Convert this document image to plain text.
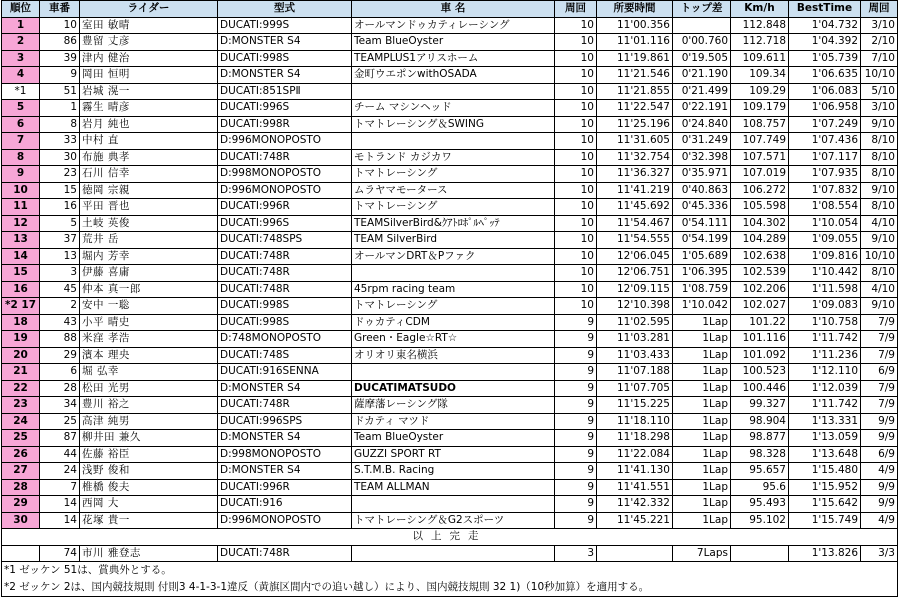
順位	車番	ライダー	型式	車 名	周回	所要時間	トップ差	Km/h	BestTime	周回
1	10	室田 敏晴	DUCATI:999S	オールマンドゥカティレーシング	10	11'00.356		112.848	1'04.732	3/10
2	86	豊留 丈彦	D:MONSTER S4	Team BlueOyster	10	11'01.116	0'00.760	112.718	1'04.392	2/10
3	39	津内 健治	DUCATI:998S	TEAMPLUS1アリスホーム	10	11'19.861	0'19.505	109.611	1'05.739	7/10
4	9	岡田 恒明	D:MONSTER S4	金町ウエポンwithOSADA	10	11'21.546	0'21.190	109.34	1'06.635	10/10
*1	51	岩城 滉一	DUCATI:851SPⅡ		10	11'21.855	0'21.499	109.29	1'06.083	5/10
5	1	霧生 晴彦	DUCATI:996S	チーム マシンヘッド	10	11'22.547	0'22.191	109.179	1'06.958	3/10
6	8	岩月 純也	DUCATI:998R	トマトレーシング＆SWING	10	11'25.196	0'24.840	108.757	1'07.249	9/10
7	33	中村 直	D:996MONOPOSTO		10	11'31.605	0'31.249	107.749	1'07.436	8/10
8	30	布施 典孝	DUCATI:748R	モトランド カジカワ	10	11'32.754	0'32.398	107.571	1'07.117	8/10
9	23	石川 信幸	D:998MONOPOSTO	トマトレーシング	10	11'36.327	0'35.971	107.019	1'07.935	8/10
10	15	徳岡 宗親	D:996MONOPOSTO	ムラヤマモータース	10	11'41.219	0'40.863	106.272	1'07.832	9/10
11	16	平田 晋也	DUCATI:996R	トマトレーシング	10	11'45.692	0'45.336	105.598	1'08.554	8/10
12	5	土岐 英俊	DUCATI:996S	TEAMSilverBird&ｸｱﾄﾛﾎﾟﾙﾍﾟｯﾃ	10	11'54.467	0'54.111	104.302	1'10.054	4/10
13	37	荒井 岳	DUCATI:748SPS	TEAM SilverBird	10	11'54.555	0'54.199	104.289	1'09.055	9/10
14	13	堀内 芳幸	DUCATI:748R	オールマンDRT＆Pファク	10	12'06.045	1'05.689	102.638	1'09.816	10/10
15	3	伊藤 喜庸	DUCATI:748R		10	12'06.751	1'06.395	102.539	1'10.442	8/10
16	45	仲本 真一郎	DUCATI:748R	45rpm racing team	10	12'09.115	1'08.759	102.206	1'11.598	4/10
*2 17	2	安中 一聡	DUCATI:998S	トマトレーシング	10	12'10.398	1'10.042	102.027	1'09.083	9/10
18	43	小平 晴史	DUCATI:998S	ドゥカティCDM	9	11'02.595	1Lap	101.22	1'10.758	7/9
19	88	米窪 孝浩	D:748MONOPOSTO	Green・Eagle☆RT☆	9	11'03.281	1Lap	101.116	1'11.742	7/9
20	29	濱本 理央	DUCATI:748S	オリオリ東名横浜	9	11'03.433	1Lap	101.092	1'11.236	7/9
21	6	堀 弘幸	DUCATI:916SENNA		9	11'07.188	1Lap	100.523	1'12.110	6/9
22	28	松田 光男	D:MONSTER S4	DUCATIMATSUDO	9	11'07.705	1Lap	100.446	1'12.039	7/9
23	34	豊川 裕之	DUCATI:748R	薩摩藩レーシング隊	9	11'15.225	1Lap	99.327	1'11.742	7/9
24	25	高津 純男	DUCATI:996SPS	ドカティ マツド	9	11'18.110	1Lap	98.904	1'13.331	9/9
25	87	柳井田 兼久	D:MONSTER S4	Team BlueOyster	9	11'18.298	1Lap	98.877	1'13.059	9/9
26	44	佐藤 裕臣	D:998MONOPOSTO	GUZZI SPORT RT	9	11'22.084	1Lap	98.328	1'13.648	6/9
27	24	浅野 俊和	D:MONSTER S4	S.T.M.B. Racing	9	11'41.130	1Lap	95.657	1'15.480	4/9
28	7	椎橋 俊夫	DUCATI:996R	TEAM ALLMAN	9	11'41.551	1Lap	95.6	1'15.952	9/9
29	14	西岡 大	DUCATI:916		9	11'42.332	1Lap	95.493	1'15.642	9/9
30	14	花塚 貴一	D:996MONOPOSTO	トマトレーシング＆G2スポーツ	9	11'45.221	1Lap	95.102	1'15.749	4/9
以上完走										
	74	市川 雅登志	DUCATI:748R		3		7Laps		1'13.826	3/3
*1 ゼッケン 51は、賞典外とする。										
*2 ゼッケン 2は、国内競技規則 付則3 4-1-3-1違反（黄旗区間内での追い越し）により、国内競技規則 32 1)（10秒加算）を適用する。										
